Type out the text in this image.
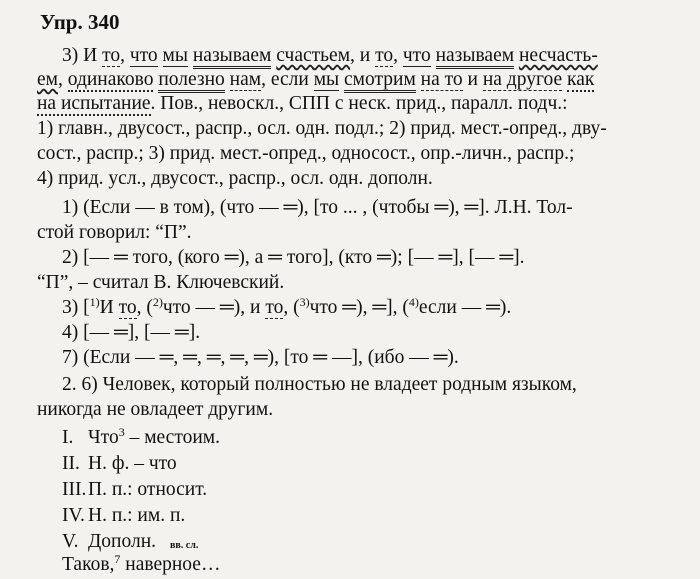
Упр. 340
3) И то, что мы называем счастьем, и то, что называем несчасть-
ем, одинаково полезно нам, если мы смотрим на то и на другое как
на испытание. Пов., невоскл., СПП с неск. прид., паралл. подч.:
1) главн., двусост., распр., осл. одн. подл.; 2) прид. мест.-опред., дву-
сост., распр.; 3) прид. мест.-опред., односост., опр.-личн., распр.;
4) прид. усл., двусост., распр., осл. одн. дополн.
1) (Если — в том), (что — ═), [то ... , (чтобы ═), ═]. Л.Н. Тол-
стой говорил: “П”.
2) [— ═ того, (кого ═), а ═ того], (кто ═); [— ═], [— ═].
“П”, – считал В. Ключевский.
3) [$^{1)}$И то, ($^{2)}$что — ═), и то, ($^{3)}$что ═), ═], ($^{4)}$если — ═).
4) [— ═], [— ═].
7) (Если — ═, ═, ═, ═, ═), [то ═ —], (ибо — ═).
2. 6) Человек, который полностью не владеет родным языком,
никогда не овладеет другим.
I. Что$^3$ – местоим.
II. Н. ф. – что
III.П. п.: относит.
IV. Н. п.: им. п.
V. Дополн.
Таков,$^7$ наверное…
$^{вв. сл.}$
